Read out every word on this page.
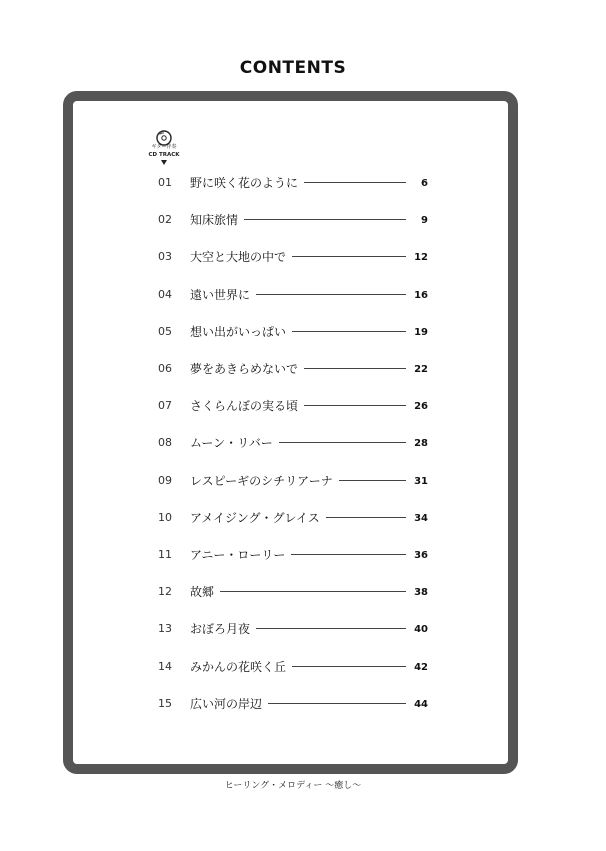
CONTENTS
ギター伴奏
CD TRACK
01	野に咲く花のように	6
02	知床旅情	9
03	大空と大地の中で	12
04	遠い世界に	16
05	想い出がいっぱい	19
06	夢をあきらめないで	22
07	さくらんぼの実る頃	26
08	ムーン・リバー	28
09	レスピーギのシチリアーナ	31
10	アメイジング・グレイス	34
11	アニー・ローリー	36
12	故郷	38
13	おぼろ月夜	40
14	みかんの花咲く丘	42
15	広い河の岸辺	44
ヒーリング・メロディー 〜癒し〜
